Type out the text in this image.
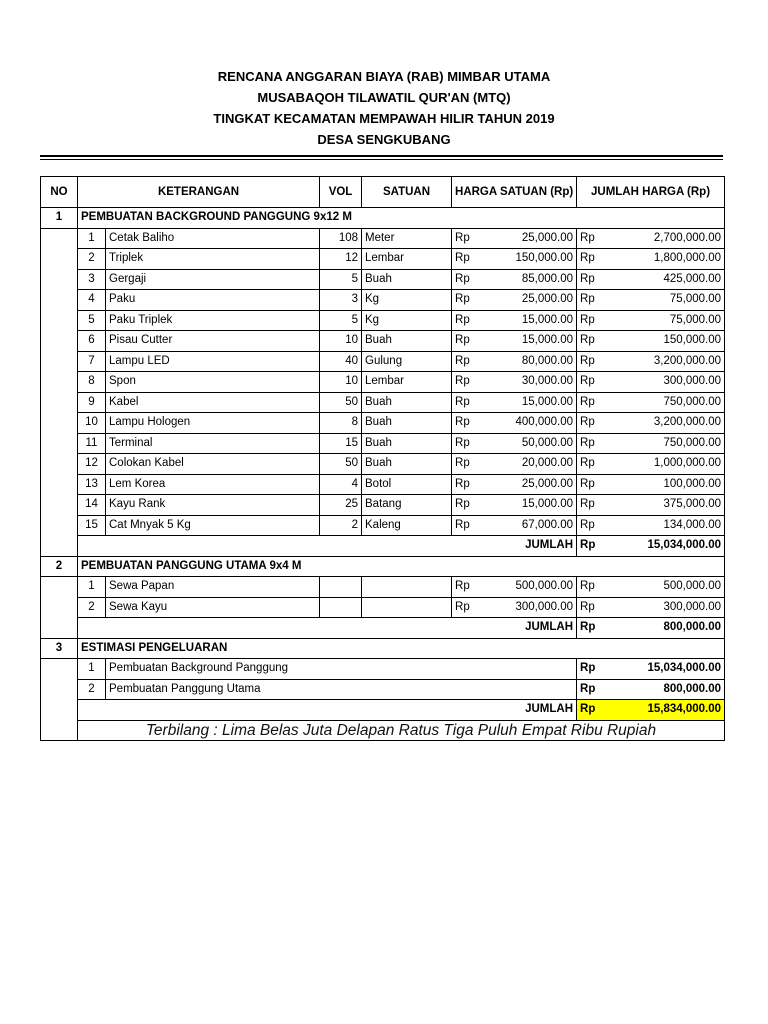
RENCANA ANGGARAN BIAYA (RAB) MIMBAR UTAMA
MUSABAQOH TILAWATIL QUR'AN (MTQ)
TINGKAT KECAMATAN MEMPAWAH HILIR TAHUN 2019
DESA SENGKUBANG
NO	KETERANGAN		VOL	SATUAN	HARGA SATUAN (Rp)		JUMLAH HARGA (Rp)	
1	PEMBUATAN BACKGROUND PANGGUNG 9x12 M							
	1	Cetak Baliho	108	Meter	Rp	25,000.00	Rp	2,700,000.00
	2	Triplek	12	Lembar	Rp	150,000.00	Rp	1,800,000.00
	3	Gergaji	5	Buah	Rp	85,000.00	Rp	425,000.00
	4	Paku	3	Kg	Rp	25,000.00	Rp	75,000.00
	5	Paku Triplek	5	Kg	Rp	15,000.00	Rp	75,000.00
	6	Pisau Cutter	10	Buah	Rp	15,000.00	Rp	150,000.00
	7	Lampu LED	40	Gulung	Rp	80,000.00	Rp	3,200,000.00
	8	Spon	10	Lembar	Rp	30,000.00	Rp	300,000.00
	9	Kabel	50	Buah	Rp	15,000.00	Rp	750,000.00
	10	Lampu Hologen	8	Buah	Rp	400,000.00	Rp	3,200,000.00
	11	Terminal	15	Buah	Rp	50,000.00	Rp	750,000.00
	12	Colokan Kabel	50	Buah	Rp	20,000.00	Rp	1,000,000.00
	13	Lem Korea	4	Botol	Rp	25,000.00	Rp	100,000.00
	14	Kayu Rank	25	Batang	Rp	15,000.00	Rp	375,000.00
	15	Cat Mnyak 5 Kg	2	Kaleng	Rp	67,000.00	Rp	134,000.00
	JUMLAH						Rp	15,034,000.00
2	PEMBUATAN PANGGUNG UTAMA 9x4 M							
	1	Sewa Papan			Rp	500,000.00	Rp	500,000.00
	2	Sewa Kayu			Rp	300,000.00	Rp	300,000.00
	JUMLAH						Rp	800,000.00
3	ESTIMASI PENGELUARAN							
	1	Pembuatan Background Panggung					Rp	15,034,000.00
	2	Pembuatan Panggung Utama					Rp	800,000.00
	JUMLAH						Rp	15,834,000.00
	Terbilang : Lima Belas Juta Delapan Ratus Tiga Puluh Empat Ribu Rupiah							
